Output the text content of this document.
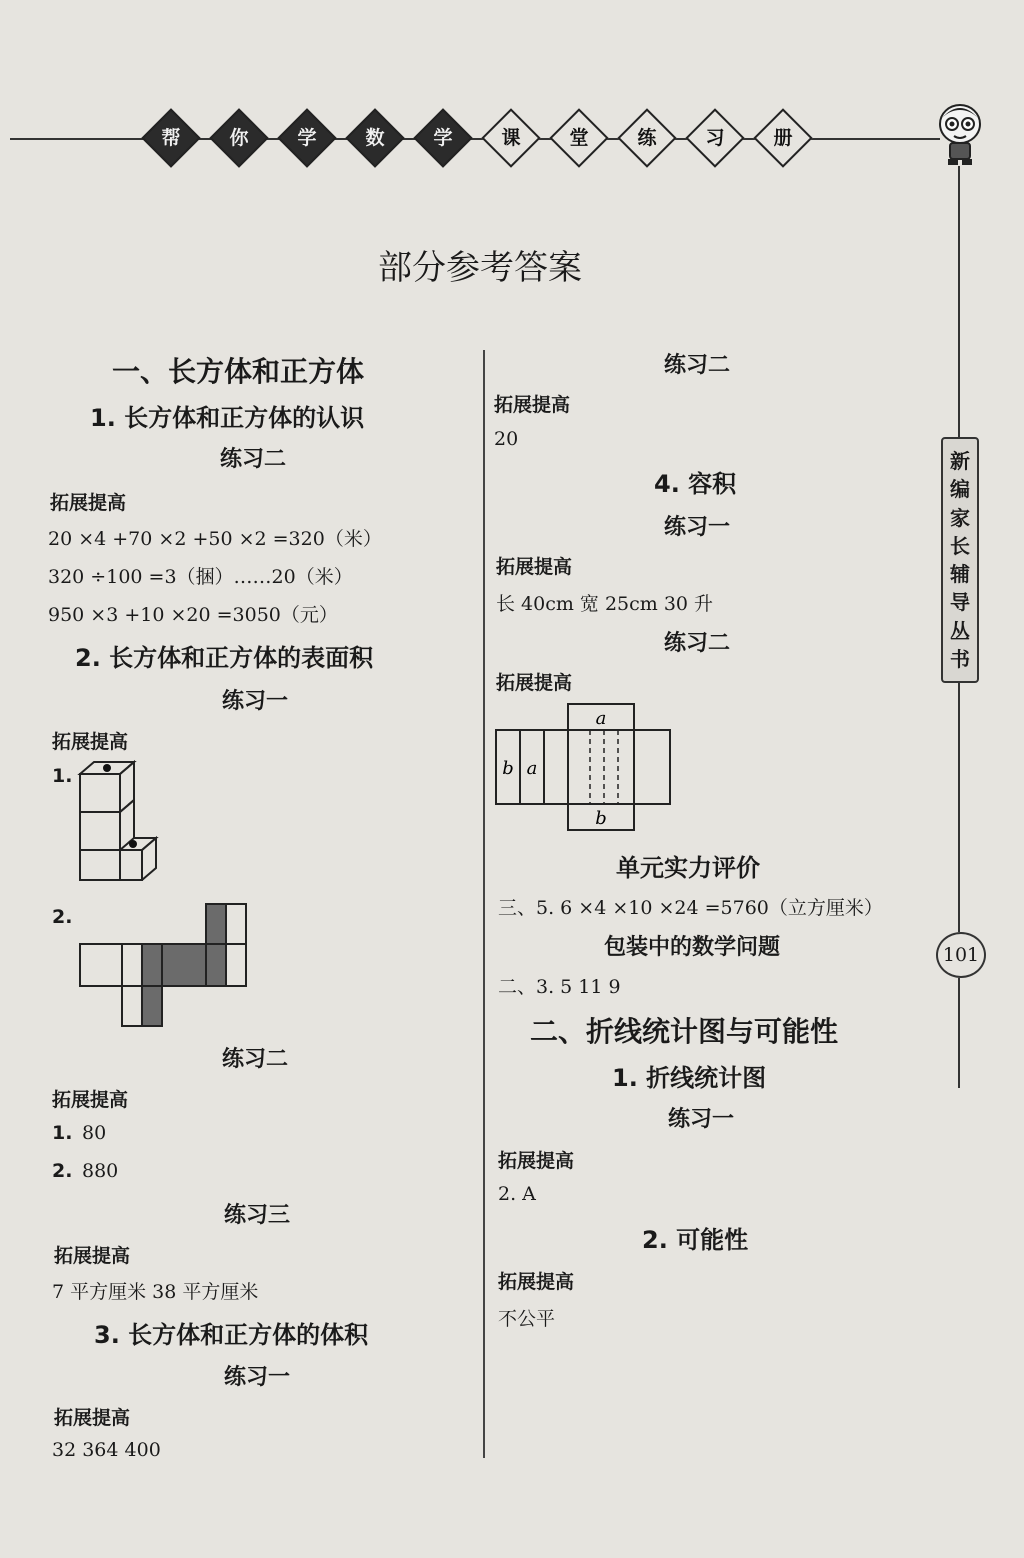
帮	你	学	数	学	课	堂	练	习	册
新
编
家
长
辅
导
丛
书
101
部分参考答案
一、长方体和正方体
1. 长方体和正方体的认识
练习二
拓展提高
20 ×4 +70 ×2 +50 ×2 =320（米）
320 ÷100 =3（捆）……20（米）
950 ×3 +10 ×20 =3050（元）
2. 长方体和正方体的表面积
练习一
拓展提高
1.
2.
练习二
拓展提高
1. 80
2. 880
练习三
拓展提高
7 平方厘米 38 平方厘米
3. 长方体和正方体的体积
练习一
拓展提高
32 364 400
练习二
拓展提高
20
4. 容积
练习一
拓展提高
长 40cm 宽 25cm 30 升
练习二
拓展提高
a
b a
b
单元实力评价
三、5. 6 ×4 ×10 ×24 =5760（立方厘米）
包装中的数学问题
二、3. 5 11 9
二、折线统计图与可能性
1. 折线统计图
练习一
拓展提高
2. A
2. 可能性
拓展提高
不公平
